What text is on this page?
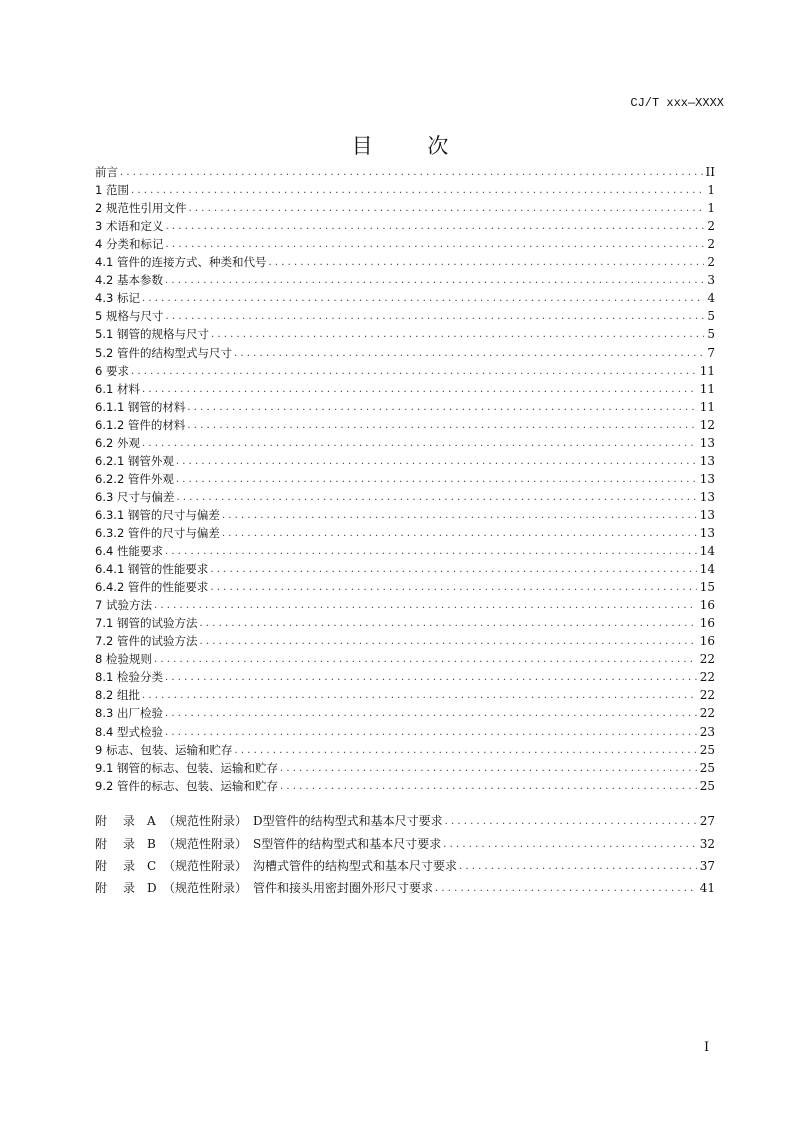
CJ/T xxx—XXXX
目	次
前言 .....	II
1 范围 .....	1
2 规范性引用文件 .....	1
3 术语和定义 .....	2
4 分类和标记 .....	2
4.1 管件的连接方式、种类和代号 .....	2
4.2 基本参数 .....	3
4.3 标记 .....	4
5 规格与尺寸 .....	5
5.1 钢管的规格与尺寸 .....	5
5.2 管件的结构型式与尺寸 .....	7
6 要求 .....	11
6.1 材料 .....	11
6.1.1 钢管的材料 .....	11
6.1.2 管件的材料 .....	12
6.2 外观 .....	13
6.2.1 钢管外观 .....	13
6.2.2 管件外观 .....	13
6.3 尺寸与偏差 .....	13
6.3.1 钢管的尺寸与偏差 .....	13
6.3.2 管件的尺寸与偏差 .....	13
6.4 性能要求 .....	14
6.4.1 钢管的性能要求 .....	14
6.4.2 管件的性能要求 .....	15
7 试验方法 .....	16
7.1 钢管的试验方法 .....	16
7.2 管件的试验方法 .....	16
8 检验规则 .....	22
8.1 检验分类 .....	22
8.2 组批 .....	22
8.3 出厂检验 .....	22
8.4 型式检验 .....	23
9 标志、包装、运输和贮存 .....	25
9.1 钢管的标志、包装、运输和贮存 .....	25
9.2 管件的标志、包装、运输和贮存 .....	25
附 录 A （规范性附录） D型管件的结构型式和基本尺寸要求 .....	27
附 录 B （规范性附录） S型管件的结构型式和基本尺寸要求 .....	32
附 录 C （规范性附录） 沟槽式管件的结构型式和基本尺寸要求 .....	37
附 录 D （规范性附录） 管件和接头用密封圈外形尺寸要求 .....	41
I
